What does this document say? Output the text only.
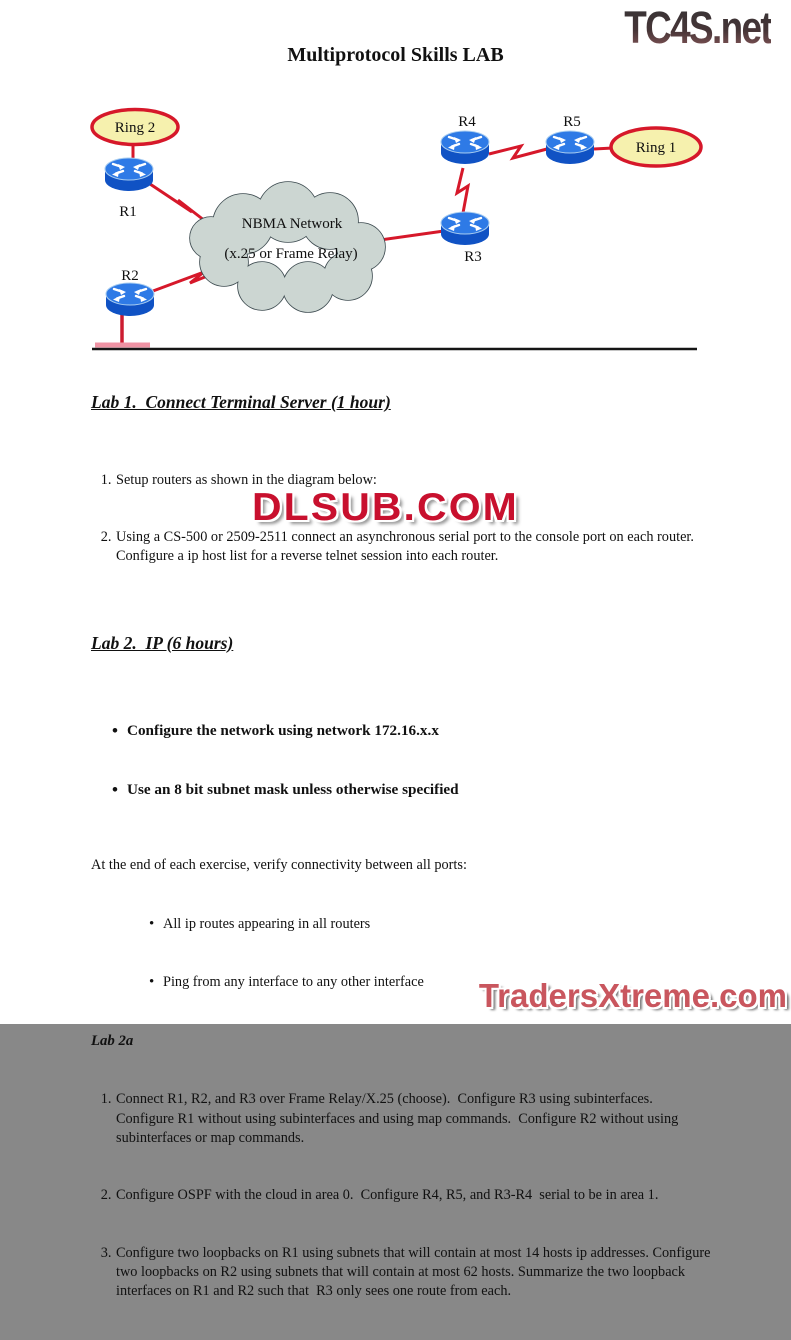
TC4S.net
Multiprotocol Skills LAB
NBMA Network
(x.25 or Frame Relay)
Ring 2
Ring 1
R1
R2
R3
R4	R5
DLSUB.COM

Lab 1.  Connect Terminal Server (1 hour)

1. Setup routers as shown in the diagram below:

2. Using a CS-500 or 2509-2511 connect an asynchronous serial port to the console port on each router.  Configure a ip host list for a reverse telnet session into each router.

Lab 2.  IP (6 hours)

• Configure the network using network 172.16.x.x

• Use an 8 bit subnet mask unless otherwise specified

At the end of each exercise, verify connectivity between all ports:

• All ip routes appearing in all routers

• Ping from any interface to any other interface

Lab 2a

1. Connect R1, R2, and R3 over Frame Relay/X.25 (choose).  Configure R3 using subinterfaces. Configure R1 without using subinterfaces and using map commands.  Configure R2 without using subinterfaces or map commands.

2. Configure OSPF with the cloud in area 0.  Configure R4, R5, and R3-R4  serial to be in area 1.

3. Configure two loopbacks on R1 using subnets that will contain at most 14 hosts ip addresses. Configure two loopbacks on R2 using subnets that will contain at most 62 hosts. Summarize the two loopback interfaces on R1 and R2 such that  R3 only sees one route from each.

TradersXtreme.com
